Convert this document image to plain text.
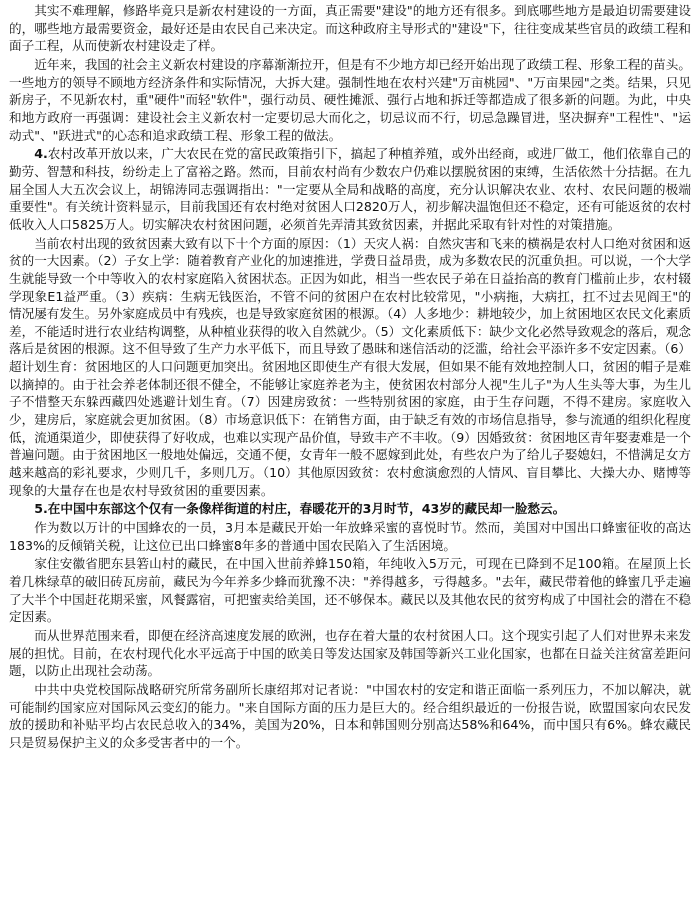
其实不难理解，修路毕竟只是新农村建设的一方面，真正需要"建设"的地方还有很多。到底哪些地方是最迫切需要建设的，哪些地方最需要资金，最好还是由农民自己来决定。而这种政府主导形式的"建设"下，往往变成某些官员的政绩工程和面子工程，从而使新农村建设走了样。

近年来，我国的社会主义新农村建设的序幕渐渐拉开，但是有不少地方却已经开始出现了政绩工程、形象工程的苗头。一些地方的领导不顾地方经济条件和实际情况，大拆大建。强制性地在农村兴建"万亩桃园"、"万亩果园"之类。结果，只见新房子，不见新农村，重"硬件"而轻"软件"，强行动员、硬性摊派、强行占地和拆迁等都造成了很多新的问题。为此，中央和地方政府一再强调：建设社会主义新农村一定要切忌大而化之，切忌议而不行，切忌急躁冒进，坚决摒弃"工程性"、"运动式"、"跃进式"的心态和追求政绩工程、形象工程的做法。

4.农村改革开放以来，广大农民在党的富民政策指引下，搞起了种植养殖，或外出经商，或进厂做工，他们依靠自己的勤劳、智慧和科技，纷纷走上了富裕之路。然而，目前农村尚有少数农户仍难以摆脱贫困的束缚，生活依然十分拮据。在九届全国人大五次会议上，胡锦涛同志强调指出："一定要从全局和战略的高度，充分认识解决农业、农村、农民问题的极端重要性"。有关统计资料显示，目前我国还有农村绝对贫困人口2820万人，初步解决温饱但还不稳定，还有可能返贫的农村低收入人口5825万人。切实解决农村贫困问题，必须首先弄清其致贫因素，并据此采取有针对性的对策措施。

当前农村出现的致贫因素大致有以下十个方面的原因：（1）天灾人祸：自然灾害和飞来的横祸是农村人口绝对贫困和返贫的一大因素。（2）子女上学：随着教育产业化的加速推进，学费日益昂贵，成为多数农民的沉重负担。可以说，一个大学生就能导致一个中等收入的农村家庭陷入贫困状态。正因为如此，相当一些农民子弟在日益抬高的教育门槛前止步，农村辍学现象E1益严重。（3）疾病：生病无钱医治，不管不问的贫困户在农村比较常见，"小病拖，大病扛，扛不过去见阎王"的情况屡有发生。另外家庭成员中有残疾，也是导致家庭贫困的根源。（4）人多地少：耕地较少，加上贫困地区农民文化素质差，不能适时进行农业结构调整，从种植业获得的收入自然就少。（5）文化素质低下：缺少文化必然导致观念的落后，观念落后是贫困的根源。这不但导致了生产力水平低下，而且导致了愚昧和迷信活动的泛滥，给社会平添许多不安定因素。（6）超计划生育：贫困地区的人口问题更加突出。贫困地区即使生产有很大发展，但如果不能有效地控制人口，贫困的帽子是难以摘掉的。由于社会养老体制还很不健全，不能够让家庭养老为主，使贫困农村部分人视"生儿子"为人生头等大事，为生儿子不惜整天东躲西藏四处逃避计划生育。（7）因建房致贫：一些特别贫困的家庭，由于生存问题，不得不建房。家庭收入少，建房后，家庭就会更加贫困。（8）市场意识低下：在销售方面，由于缺乏有效的市场信息指导，参与流通的组织化程度低，流通渠道少，即使获得了好收成，也难以实现产品价值，导致丰产不丰收。（9）因婚致贫：贫困地区青年娶妻难是一个普遍问题。由于贫困地区一般地处偏远，交通不便，女青年一般不愿嫁到此处，有些农户为了给儿子娶媳妇，不惜满足女方越来越高的彩礼要求，少则几千，多则几万。（10）其他原因致贫：农村愈演愈烈的人情风、盲目攀比、大操大办、赌博等现象的大量存在也是农村导致贫困的重要因素。

5.在中国中东部这个仅有一条像样街道的村庄，春暖花开的3月时节，43岁的藏民却一脸愁云。

作为数以万计的中国蜂农的一员，3月本是藏民开始一年放蜂采蜜的喜悦时节。然而，美国对中国出口蜂蜜征收的高达183%的反倾销关税，让这位已出口蜂蜜8年多的普通中国农民陷入了生活困境。

家住安徽省肥东县箬山村的藏民，在中国入世前养蜂150箱，年纯收入5万元，可现在已降到不足100箱。在屋顶上长着几株绿草的破旧砖瓦房前，藏民为今年养多少蜂而犹豫不决："养得越多，亏得越多。"去年，藏民带着他的蜂蜜几乎走遍了大半个中国赶花期采蜜，风餐露宿，可把蜜卖给美国，还不够保本。藏民以及其他农民的贫穷构成了中国社会的潜在不稳定因素。

而从世界范围来看，即便在经济高速度发展的欧洲，也存在着大量的农村贫困人口。这个现实引起了人们对世界未来发展的担忧。目前，在农村现代化水平远高于中国的欧美日等发达国家及韩国等新兴工业化国家，也都在日益关注贫富差距问题，以防止出现社会动荡。

中共中央党校国际战略研究所常务副所长康绍邦对记者说："中国农村的安定和谐正面临一系列压力，不加以解决，就可能制约国家应对国际风云变幻的能力。"来自国际方面的压力是巨大的。经合组织最近的一份报告说，欧盟国家向农民发放的援助和补贴平均占农民总收入的34%，美国为20%，日本和韩国则分别高达58%和64%，而中国只有6%。蜂农藏民只是贸易保护主义的众多受害者中的一个。
